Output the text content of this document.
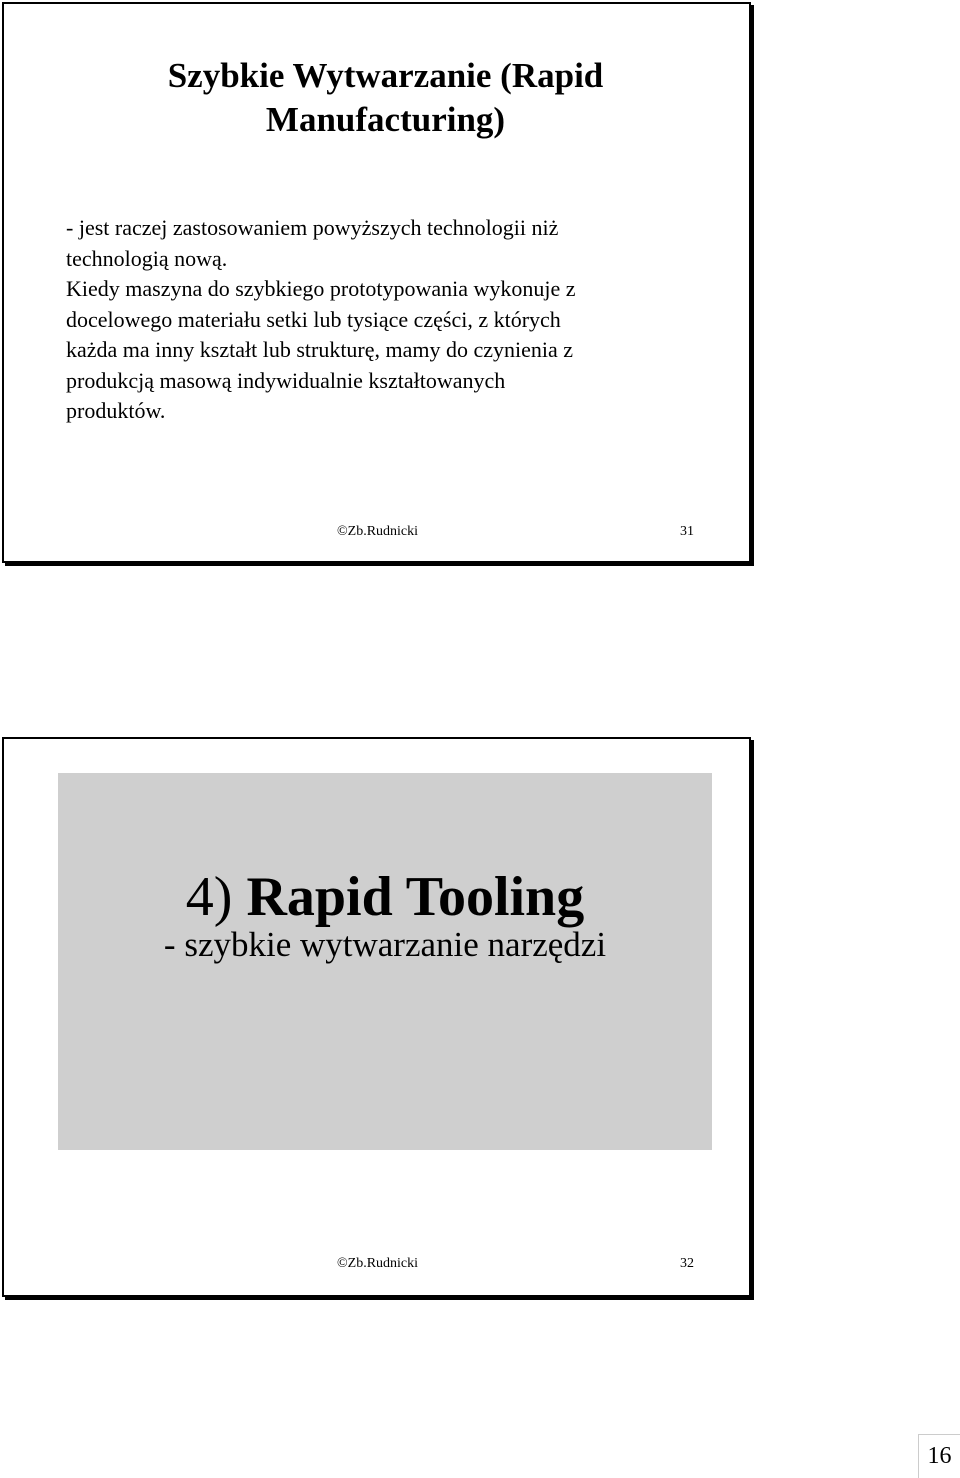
Szybkie Wytwarzanie (Rapid
Manufacturing)

- jest raczej zastosowaniem powyższych technologii niż
technologią nową.

Kiedy maszyna do szybkiego prototypowania wykonuje z
docelowego materiału setki lub tysiące części, z których
każda ma inny kształt lub strukturę, mamy do czynienia z
produkcją masową indywidualnie kształtowanych
produktów.

©Zb.Rudnicki	31
4) Rapid Tooling
- szybkie wytwarzanie narzędzi
©Zb.Rudnicki	32
16
